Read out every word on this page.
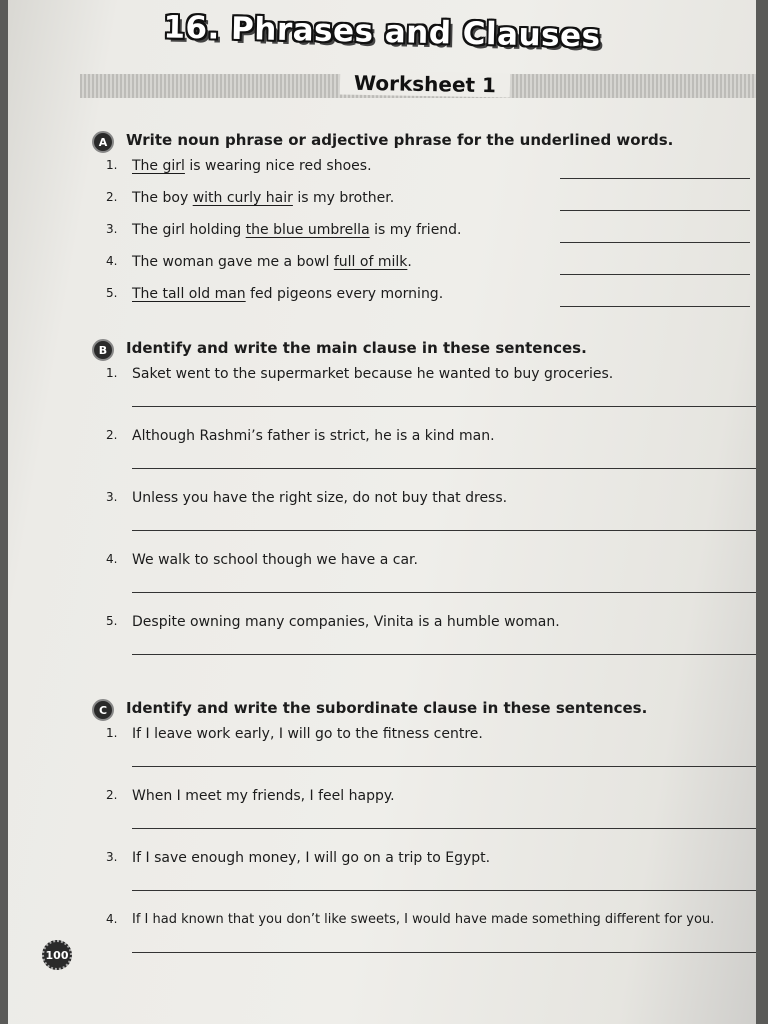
16. Phrases and Clauses
Worksheet 1
A	Write noun phrase or adjective phrase for the underlined words.
1. The girl is wearing nice red shoes.
2. The boy with curly hair is my brother.
3. The girl holding the blue umbrella is my friend.
4. The woman gave me a bowl full of milk.
5. The tall old man fed pigeons every morning.
B	Identify and write the main clause in these sentences.
1. Saket went to the supermarket because he wanted to buy groceries.
2. Although Rashmi’s father is strict, he is a kind man.
3. Unless you have the right size, do not buy that dress.
4. We walk to school though we have a car.
5. Despite owning many companies, Vinita is a humble woman.
C	Identify and write the subordinate clause in these sentences.
1. If I leave work early, I will go to the fitness centre.
2. When I meet my friends, I feel happy.
3. If I save enough money, I will go on a trip to Egypt.
4. If I had known that you don’t like sweets, I would have made something different for you.
100
